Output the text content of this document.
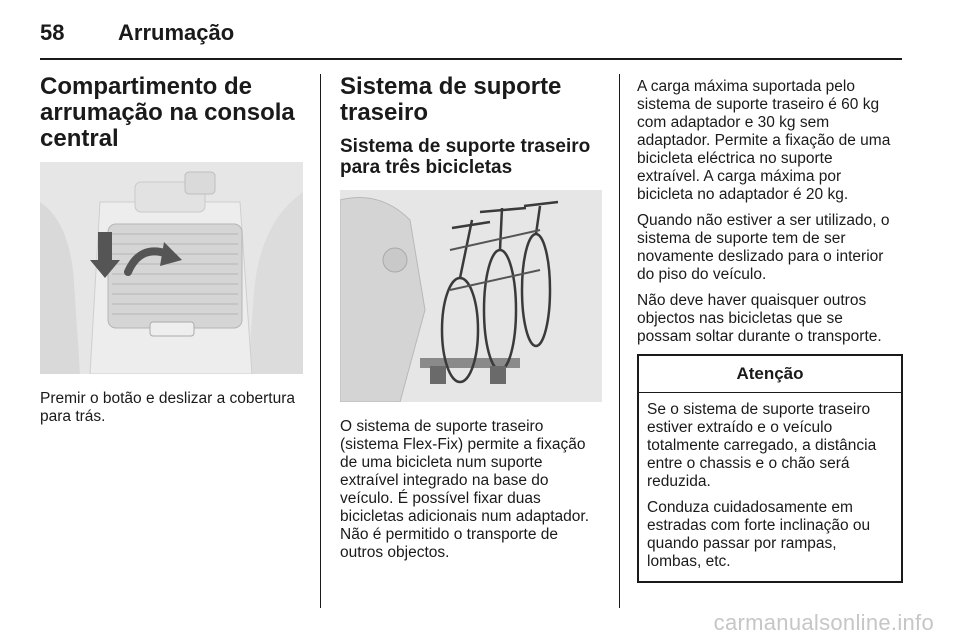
58	Arrumação
Compartimento de
arrumação na consola
central

Premir o botão e deslizar a cobertura
para trás.

Sistema de suporte
traseiro
Sistema de suporte traseiro
para três bicicletas

O sistema de suporte traseiro
(sistema Flex-Fix) permite a fixação
de uma bicicleta num suporte
extraível integrado na base do
veículo. É possível fixar duas
bicicletas adicionais num adaptador.
Não é permitido o transporte de
outros objectos.

A carga máxima suportada pelo
sistema de suporte traseiro é 60 kg
com adaptador e 30 kg sem
adaptador. Permite a fixação de uma
bicicleta eléctrica no suporte
extraível. A carga máxima por
bicicleta no adaptador é 20 kg.

Quando não estiver a ser utilizado, o
sistema de suporte tem de ser
novamente deslizado para o interior
do piso do veículo.

Não deve haver quaisquer outros
objectos nas bicicletas que se
possam soltar durante o transporte.

Atenção

Se o sistema de suporte traseiro
estiver extraído e o veículo
totalmente carregado, a distância
entre o chassis e o chão será
reduzida.

Conduza cuidadosamente em
estradas com forte inclinação ou
quando passar por rampas,
lombas, etc.

carmanualsonline.info
